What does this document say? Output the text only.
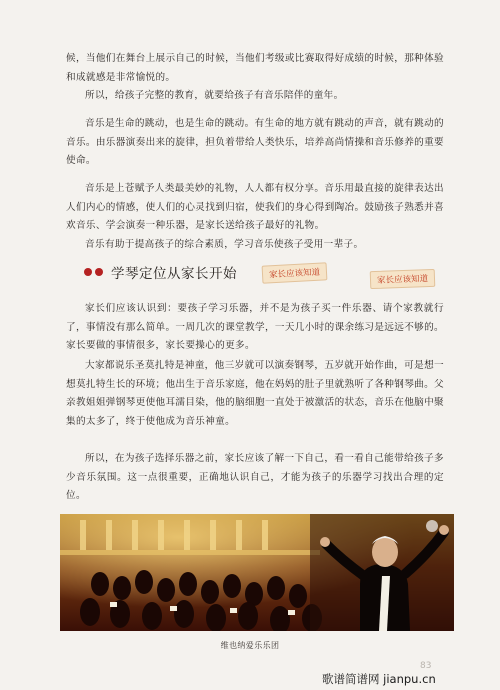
候，当他们在舞台上展示自己的时候，当他们考级或比赛取得好成绩的时候，那种体验和成就感是非常愉悦的。

所以，给孩子完整的教育，就要给孩子有音乐陪伴的童年。

音乐是生命的跳动，也是生命的跳动。有生命的地方就有跳动的声音，就有跳动的音乐。由乐器演奏出来的旋律，担负着带给人类快乐，培养高尚情操和音乐修养的重要使命。

音乐是上苍赋予人类最美妙的礼物，人人都有权分享。音乐用最直接的旋律表达出人们内心的情感，使人们的心灵找到归宿，使我们的身心得到陶冶。鼓励孩子熟悉并喜欢音乐、学会演奏一种乐器，是家长送给孩子最好的礼物。

音乐有助于提高孩子的综合素质，学习音乐使孩子受用一辈子。

学琴定位从家长开始	家长应该知道	家长应该知道

家长们应该认识到：要孩子学习乐器，并不是为孩子买一件乐器、请个家教就行了，事情没有那么简单。一周几次的课堂教学，一天几小时的课余练习是远远不够的。家长要做的事情很多，家长要操心的更多。

大家都说乐圣莫扎特是神童，他三岁就可以演奏钢琴，五岁就开始作曲，可是想一想莫扎特生长的环境；他出生于音乐家庭，他在妈妈的肚子里就熟听了各种钢琴曲。父亲教姐姐弹钢琴更使他耳濡目染，他的脑细胞一直处于被激活的状态，音乐在他脑中聚集的太多了，终于使他成为音乐神童。

所以，在为孩子选择乐器之前，家长应该了解一下自己，看一看自己能带给孩子多少音乐氛围。这一点很重要，正确地认识自己，才能为孩子的乐器学习找出合理的定位。

维也纳爱乐乐团
83
歌谱简谱网 jianpu.cn
